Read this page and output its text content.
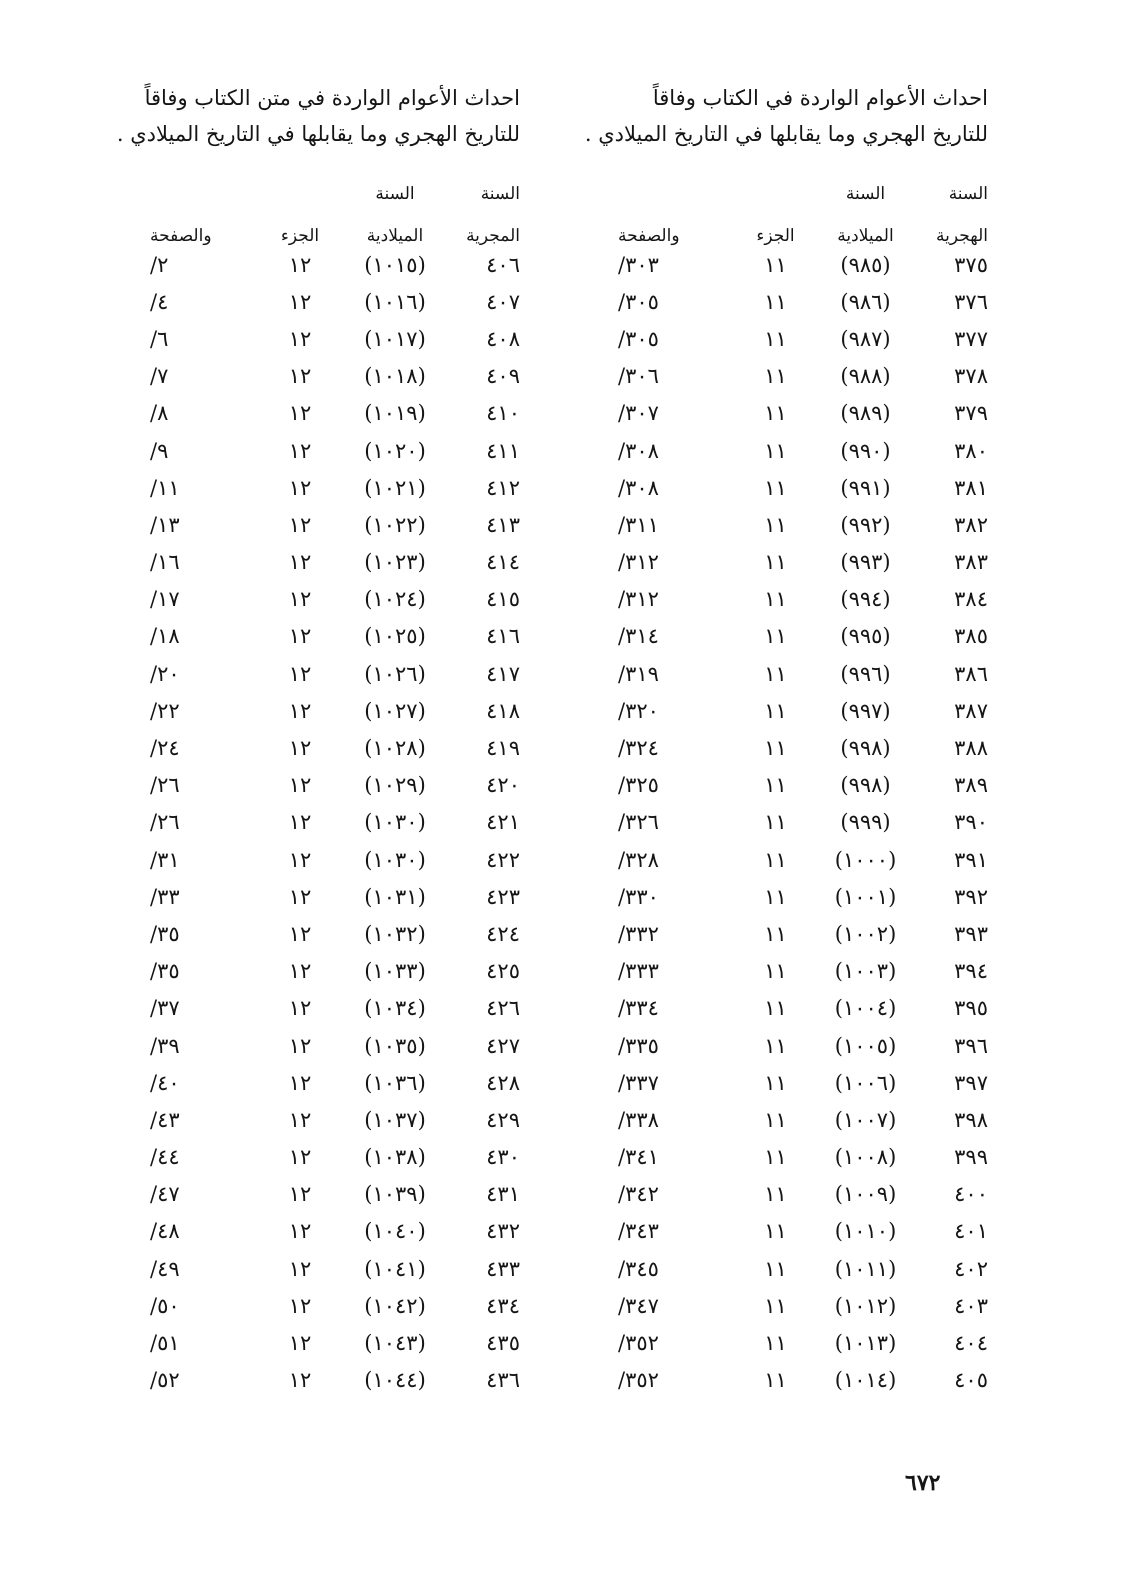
احداث الأعوام الواردة في الكتاب وفاقاً
للتاريخ الهجري وما يقابلها في التاريخ الميلادي .

السنة	السنة		
الهجرية	الميلادية	الجزء	والصفحة
٣٧٥	(٩٨٥)	١١	٣٠٣/
٣٧٦	(٩٨٦)	١١	٣٠٥/
٣٧٧	(٩٨٧)	١١	٣٠٥/
٣٧٨	(٩٨٨)	١١	٣٠٦/
٣٧٩	(٩٨٩)	١١	٣٠٧/
٣٨٠	(٩٩٠)	١١	٣٠٨/
٣٨١	(٩٩١)	١١	٣٠٨/
٣٨٢	(٩٩٢)	١١	٣١١/
٣٨٣	(٩٩٣)	١١	٣١٢/
٣٨٤	(٩٩٤)	١١	٣١٢/
٣٨٥	(٩٩٥)	١١	٣١٤/
٣٨٦	(٩٩٦)	١١	٣١٩/
٣٨٧	(٩٩٧)	١١	٣٢٠/
٣٨٨	(٩٩٨)	١١	٣٢٤/
٣٨٩	(٩٩٨)	١١	٣٢٥/
٣٩٠	(٩٩٩)	١١	٣٢٦/
٣٩١	(١٠٠٠)	١١	٣٢٨/
٣٩٢	(١٠٠١)	١١	٣٣٠/
٣٩٣	(١٠٠٢)	١١	٣٣٢/
٣٩٤	(١٠٠٣)	١١	٣٣٣/
٣٩٥	(١٠٠٤)	١١	٣٣٤/
٣٩٦	(١٠٠٥)	١١	٣٣٥/
٣٩٧	(١٠٠٦)	١١	٣٣٧/
٣٩٨	(١٠٠٧)	١١	٣٣٨/
٣٩٩	(١٠٠٨)	١١	٣٤١/
٤٠٠	(١٠٠٩)	١١	٣٤٢/
٤٠١	(١٠١٠)	١١	٣٤٣/
٤٠٢	(١٠١١)	١١	٣٤٥/
٤٠٣	(١٠١٢)	١١	٣٤٧/
٤٠٤	(١٠١٣)	١١	٣٥٢/
٤٠٥	(١٠١٤)	١١	٣٥٢/

احداث الأعوام الواردة في متن الكتاب وفاقاً
للتاريخ الهجري وما يقابلها في التاريخ الميلادي .

السنة	السنة		
المجرية	الميلادية	الجزء	والصفحة
٤٠٦	(١٠١٥)	١٢	٢/
٤٠٧	(١٠١٦)	١٢	٤/
٤٠٨	(١٠١٧)	١٢	٦/
٤٠٩	(١٠١٨)	١٢	٧/
٤١٠	(١٠١٩)	١٢	٨/
٤١١	(١٠٢٠)	١٢	٩/
٤١٢	(١٠٢١)	١٢	١١/
٤١٣	(١٠٢٢)	١٢	١٣/
٤١٤	(١٠٢٣)	١٢	١٦/
٤١٥	(١٠٢٤)	١٢	١٧/
٤١٦	(١٠٢٥)	١٢	١٨/
٤١٧	(١٠٢٦)	١٢	٢٠/
٤١٨	(١٠٢٧)	١٢	٢٢/
٤١٩	(١٠٢٨)	١٢	٢٤/
٤٢٠	(١٠٢٩)	١٢	٢٦/
٤٢١	(١٠٣٠)	١٢	٢٦/
٤٢٢	(١٠٣٠)	١٢	٣١/
٤٢٣	(١٠٣١)	١٢	٣٣/
٤٢٤	(١٠٣٢)	١٢	٣٥/
٤٢٥	(١٠٣٣)	١٢	٣٥/
٤٢٦	(١٠٣٤)	١٢	٣٧/
٤٢٧	(١٠٣٥)	١٢	٣٩/
٤٢٨	(١٠٣٦)	١٢	٤٠/
٤٢٩	(١٠٣٧)	١٢	٤٣/
٤٣٠	(١٠٣٨)	١٢	٤٤/
٤٣١	(١٠٣٩)	١٢	٤٧/
٤٣٢	(١٠٤٠)	١٢	٤٨/
٤٣٣	(١٠٤١)	١٢	٤٩/
٤٣٤	(١٠٤٢)	١٢	٥٠/
٤٣٥	(١٠٤٣)	١٢	٥١/
٤٣٦	(١٠٤٤)	١٢	٥٢/
٦٧٢
